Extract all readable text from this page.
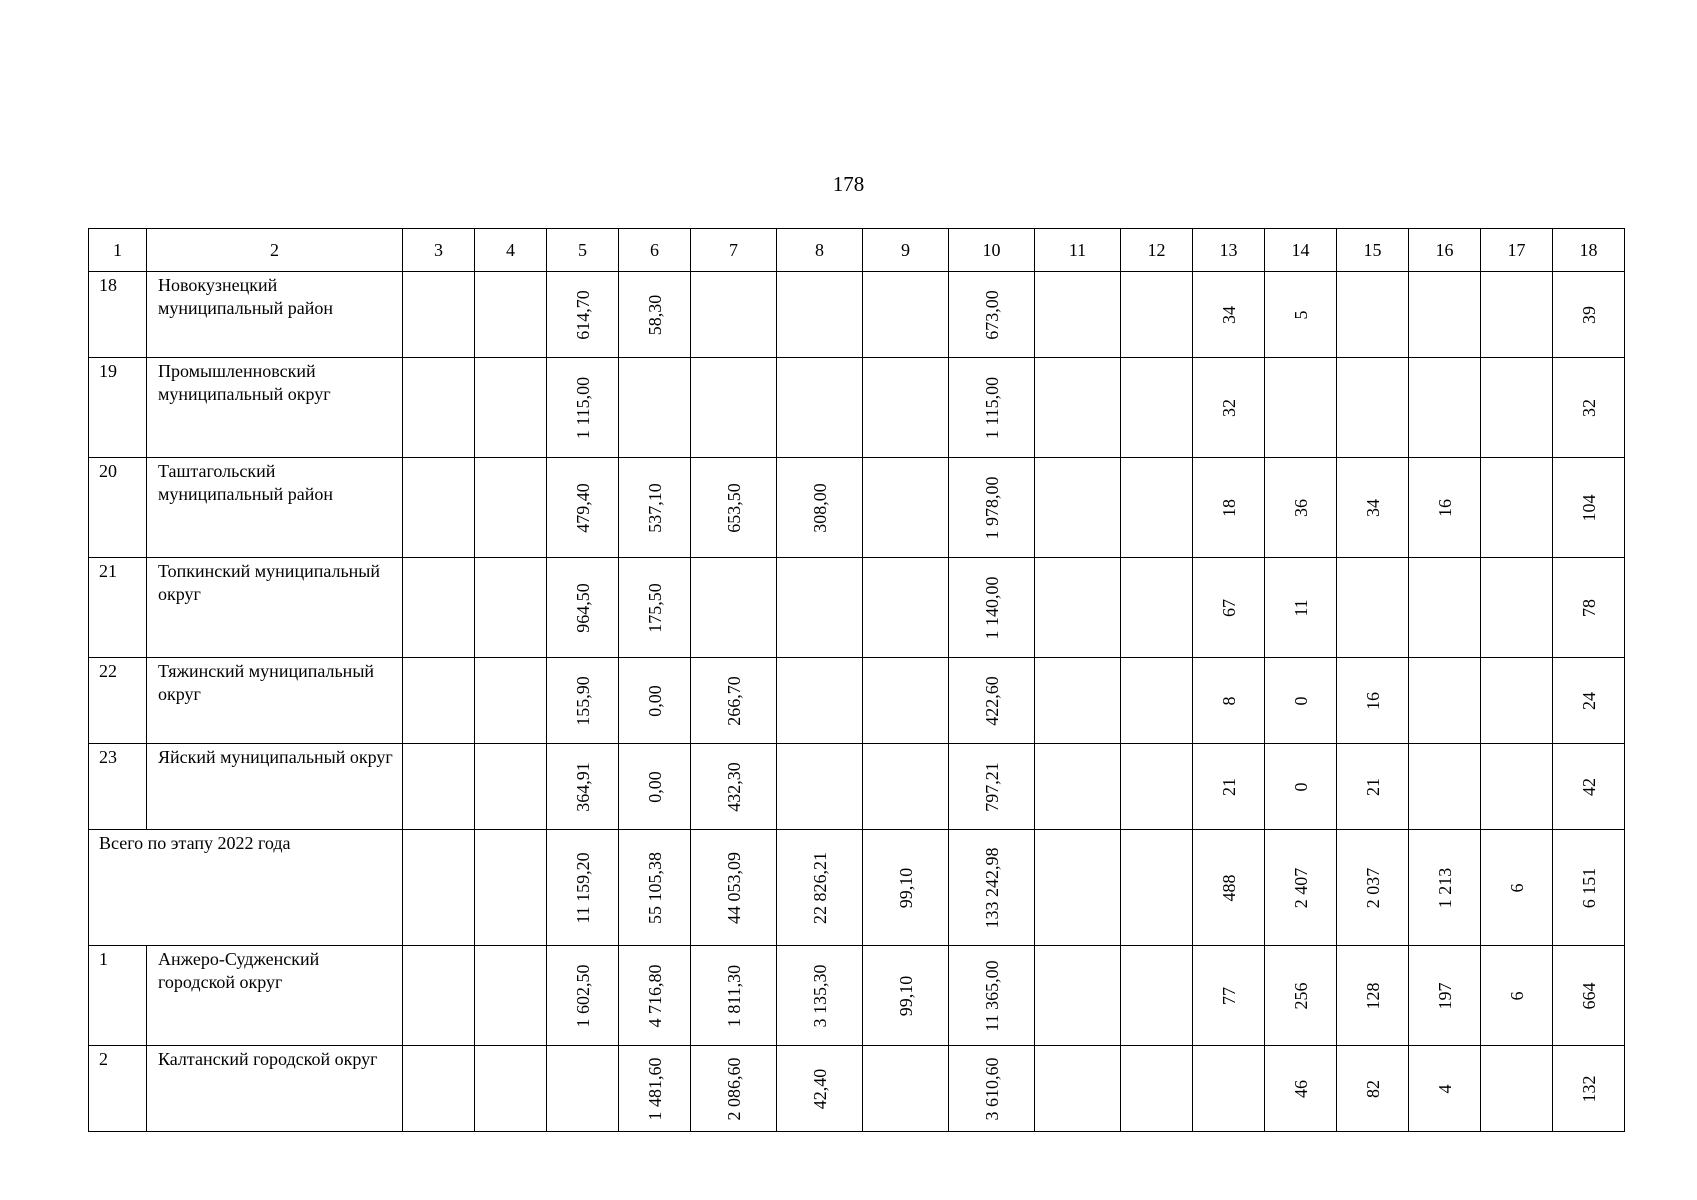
178
1	2	3	4	5	6	7	8	9	10	11	12	13	14	15	16	17	18
18	Новокузнецкий муниципальный район			614,70	58,30				673,00			34	5				39

19	Промышленновский муниципальный округ			1 115,00					1 115,00			32					32

20	Таштагольский муниципальный район			479,40	537,10	653,50	308,00		1 978,00			18	36	34	16		104

21	Топкинский муниципальный округ			964,50	175,50				1 140,00			67	11				78

22	Тяжинский муниципальный округ			155,90	0,00	266,70			422,60			8	0	16			24

23	Яйский муниципальный округ			364,91	0,00	432,30			797,21			21	0	21			42

Всего по этапу 2022 года				11 159,20	55 105,38	44 053,09	22 826,21	99,10	133 242,98			488	2 407	2 037	1 213	6	6 151

1	Анжеро-Судженский городской округ			1 602,50	4 716,80	1 811,30	3 135,30	99,10	11 365,00			77	256	128	197	6	664

2	Калтанский городской округ				1 481,60	2 086,60	42,40		3 610,60				46	82	4		132
